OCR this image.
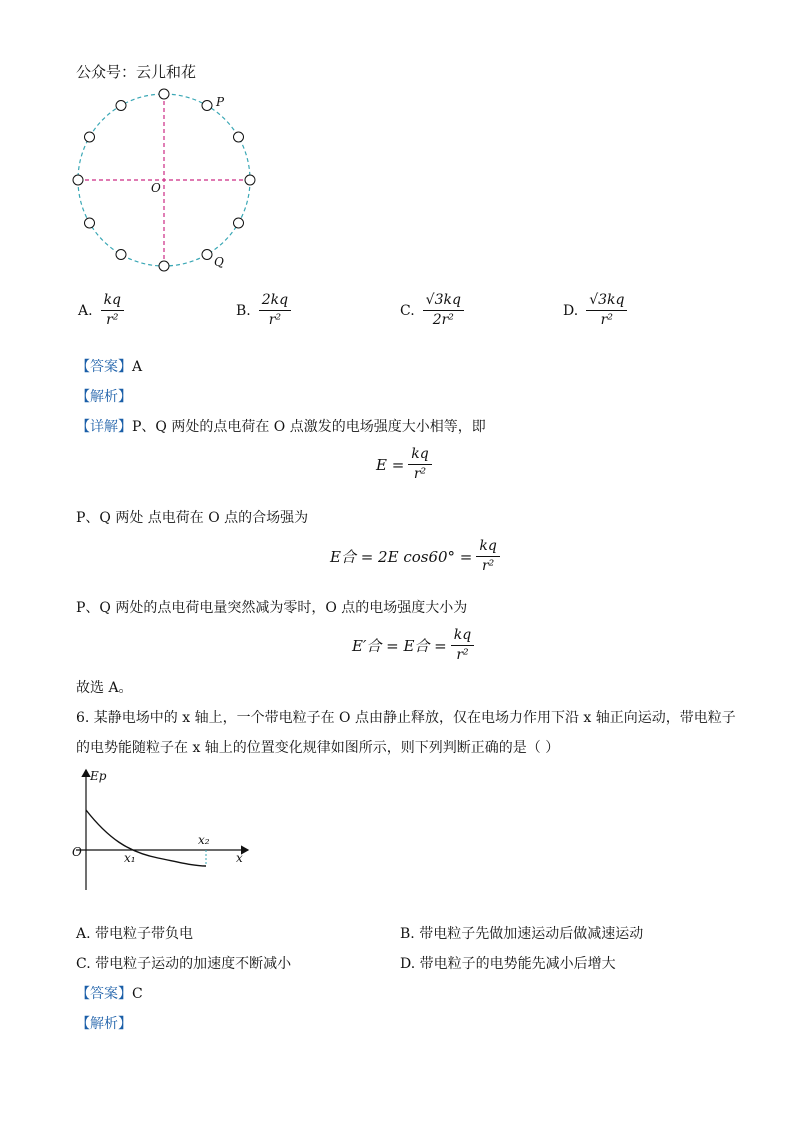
公众号：云儿和花
P
Q
O
A. $\frac{kq}{\text{r²}}$	B. $\frac{2kq}{\text{r²}}$	C. $\frac{√3kq}{\text{2r²}}$	D. $\frac{√3kq}{\text{r²}}$
【答案】A
【解析】
【详解】P、Q 两处的点电荷在 O 点激发的电场强度大小相等，即
$E = \frac{kq}{\text{r²}}$
P、Q 两处 点电荷在 O 点的合场强为
E合 = 2E $\cos 60^\circ = \frac{kq}{\text{r²}}$
P、Q 两处的点电荷电量突然减为零时，O 点的电场强度大小为
E′合 = E合 = $\frac{kq}{\text{r²}}$
故选 A。
6. 某静电场中的 x 轴上，一个带电粒子在 O 点由静止释放，仅在电场力作用下沿 x 轴正向运动，带电粒子
的电势能随粒子在 x 轴上的位置变化规律如图所示，则下列判断正确的是（ ）
Ep
x
O	x₁
x₂
A. 带电粒子带负电	B. 带电粒子先做加速运动后做减速运动
C. 带电粒子运动的加速度不断减小	D. 带电粒子的电势能先减小后增大
【答案】C
【解析】
